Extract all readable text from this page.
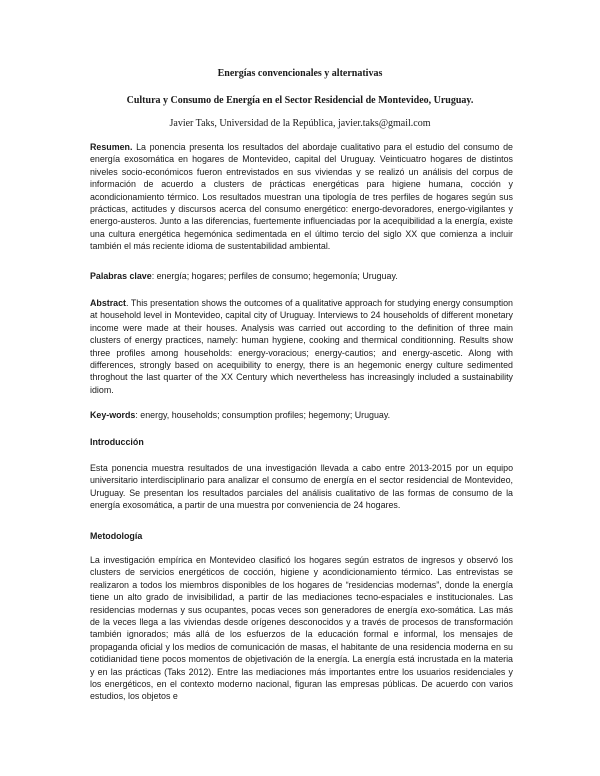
Energías convencionales y alternativas
Cultura y Consumo de Energía en el Sector Residencial de Montevideo, Uruguay.
Javier Taks, Universidad de la República, javier.taks@gmail.com
Resumen. La ponencia presenta los resultados del abordaje cualitativo para el estudio del consumo de energía exosomática en hogares de Montevideo, capital del Uruguay. Veinticuatro hogares de distintos niveles socio-económicos fueron entrevistados en sus viviendas y se realizó un análisis del corpus de información de acuerdo a clusters de prácticas energéticas para higiene humana, cocción y acondicionamiento térmico. Los resultados muestran una tipología de tres perfiles de hogares según sus prácticas, actitudes y discursos acerca del consumo energético: energo-devoradores, energo-vigilantes y energo-austeros. Junto a las diferencias, fuertemente influenciadas por la acequibilidad a la energía, existe una cultura energética hegemónica sedimentada en el último tercio del siglo XX que comienza a incluir también el más reciente idioma de sustentabilidad ambiental.
Palabras clave: energía; hogares; perfiles de consumo; hegemonía; Uruguay.
Abstract. This presentation shows the outcomes of a qualitative approach for studying energy consumption at household level in Montevideo, capital city of Uruguay. Interviews to 24 households of different monetary income were made at their houses. Analysis was carried out according to the definition of three main clusters of energy practices, namely: human hygiene, cooking and thermical conditionning. Results show three profiles among households: energy-voracious; energy-cautios; and energy-ascetic. Along with differences, strongly based on acequibility to energy, there is an hegemonic energy culture sedimented throghout the last quarter of the XX Century which nevertheless has increasingly included a sustainability idiom.
Key-words: energy, households; consumption profiles; hegemony; Uruguay.
Introducción
Esta ponencia muestra resultados de una investigación llevada a cabo entre 2013-2015 por un equipo universitario interdisciplinario para analizar el consumo de energía en el sector residencial de Montevideo, Uruguay. Se presentan los resultados parciales del análisis cualitativo de las formas de consumo de la energía exosomática, a partir de una muestra por conveniencia de 24 hogares.
Metodología
La investigación empírica en Montevideo clasificó los hogares según estratos de ingresos y observó los clusters de servicios energéticos de cocción, higiene y acondicionamiento térmico. Las entrevistas se realizaron a todos los miembros disponibles de los hogares de “residencias modernas”, donde la energía tiene un alto grado de invisibilidad, a partir de las mediaciones tecno-espaciales e institucionales. Las residencias modernas y sus ocupantes, pocas veces son generadores de energía exo-somática. Las más de la veces llega a las viviendas desde orígenes desconocidos y a través de procesos de transformación también ignorados; más allá de los esfuerzos de la educación formal e informal, los mensajes de propaganda oficial y los medios de comunicación de masas, el habitante de una residencia moderna en su cotidianidad tiene pocos momentos de objetivación de la energía. La energía está incrustada en la materia y en las prácticas (Taks 2012). Entre las mediaciones más importantes entre los usuarios residenciales y los energéticos, en el contexto moderno nacional, figuran las empresas públicas. De acuerdo con varios estudios, los objetos e
